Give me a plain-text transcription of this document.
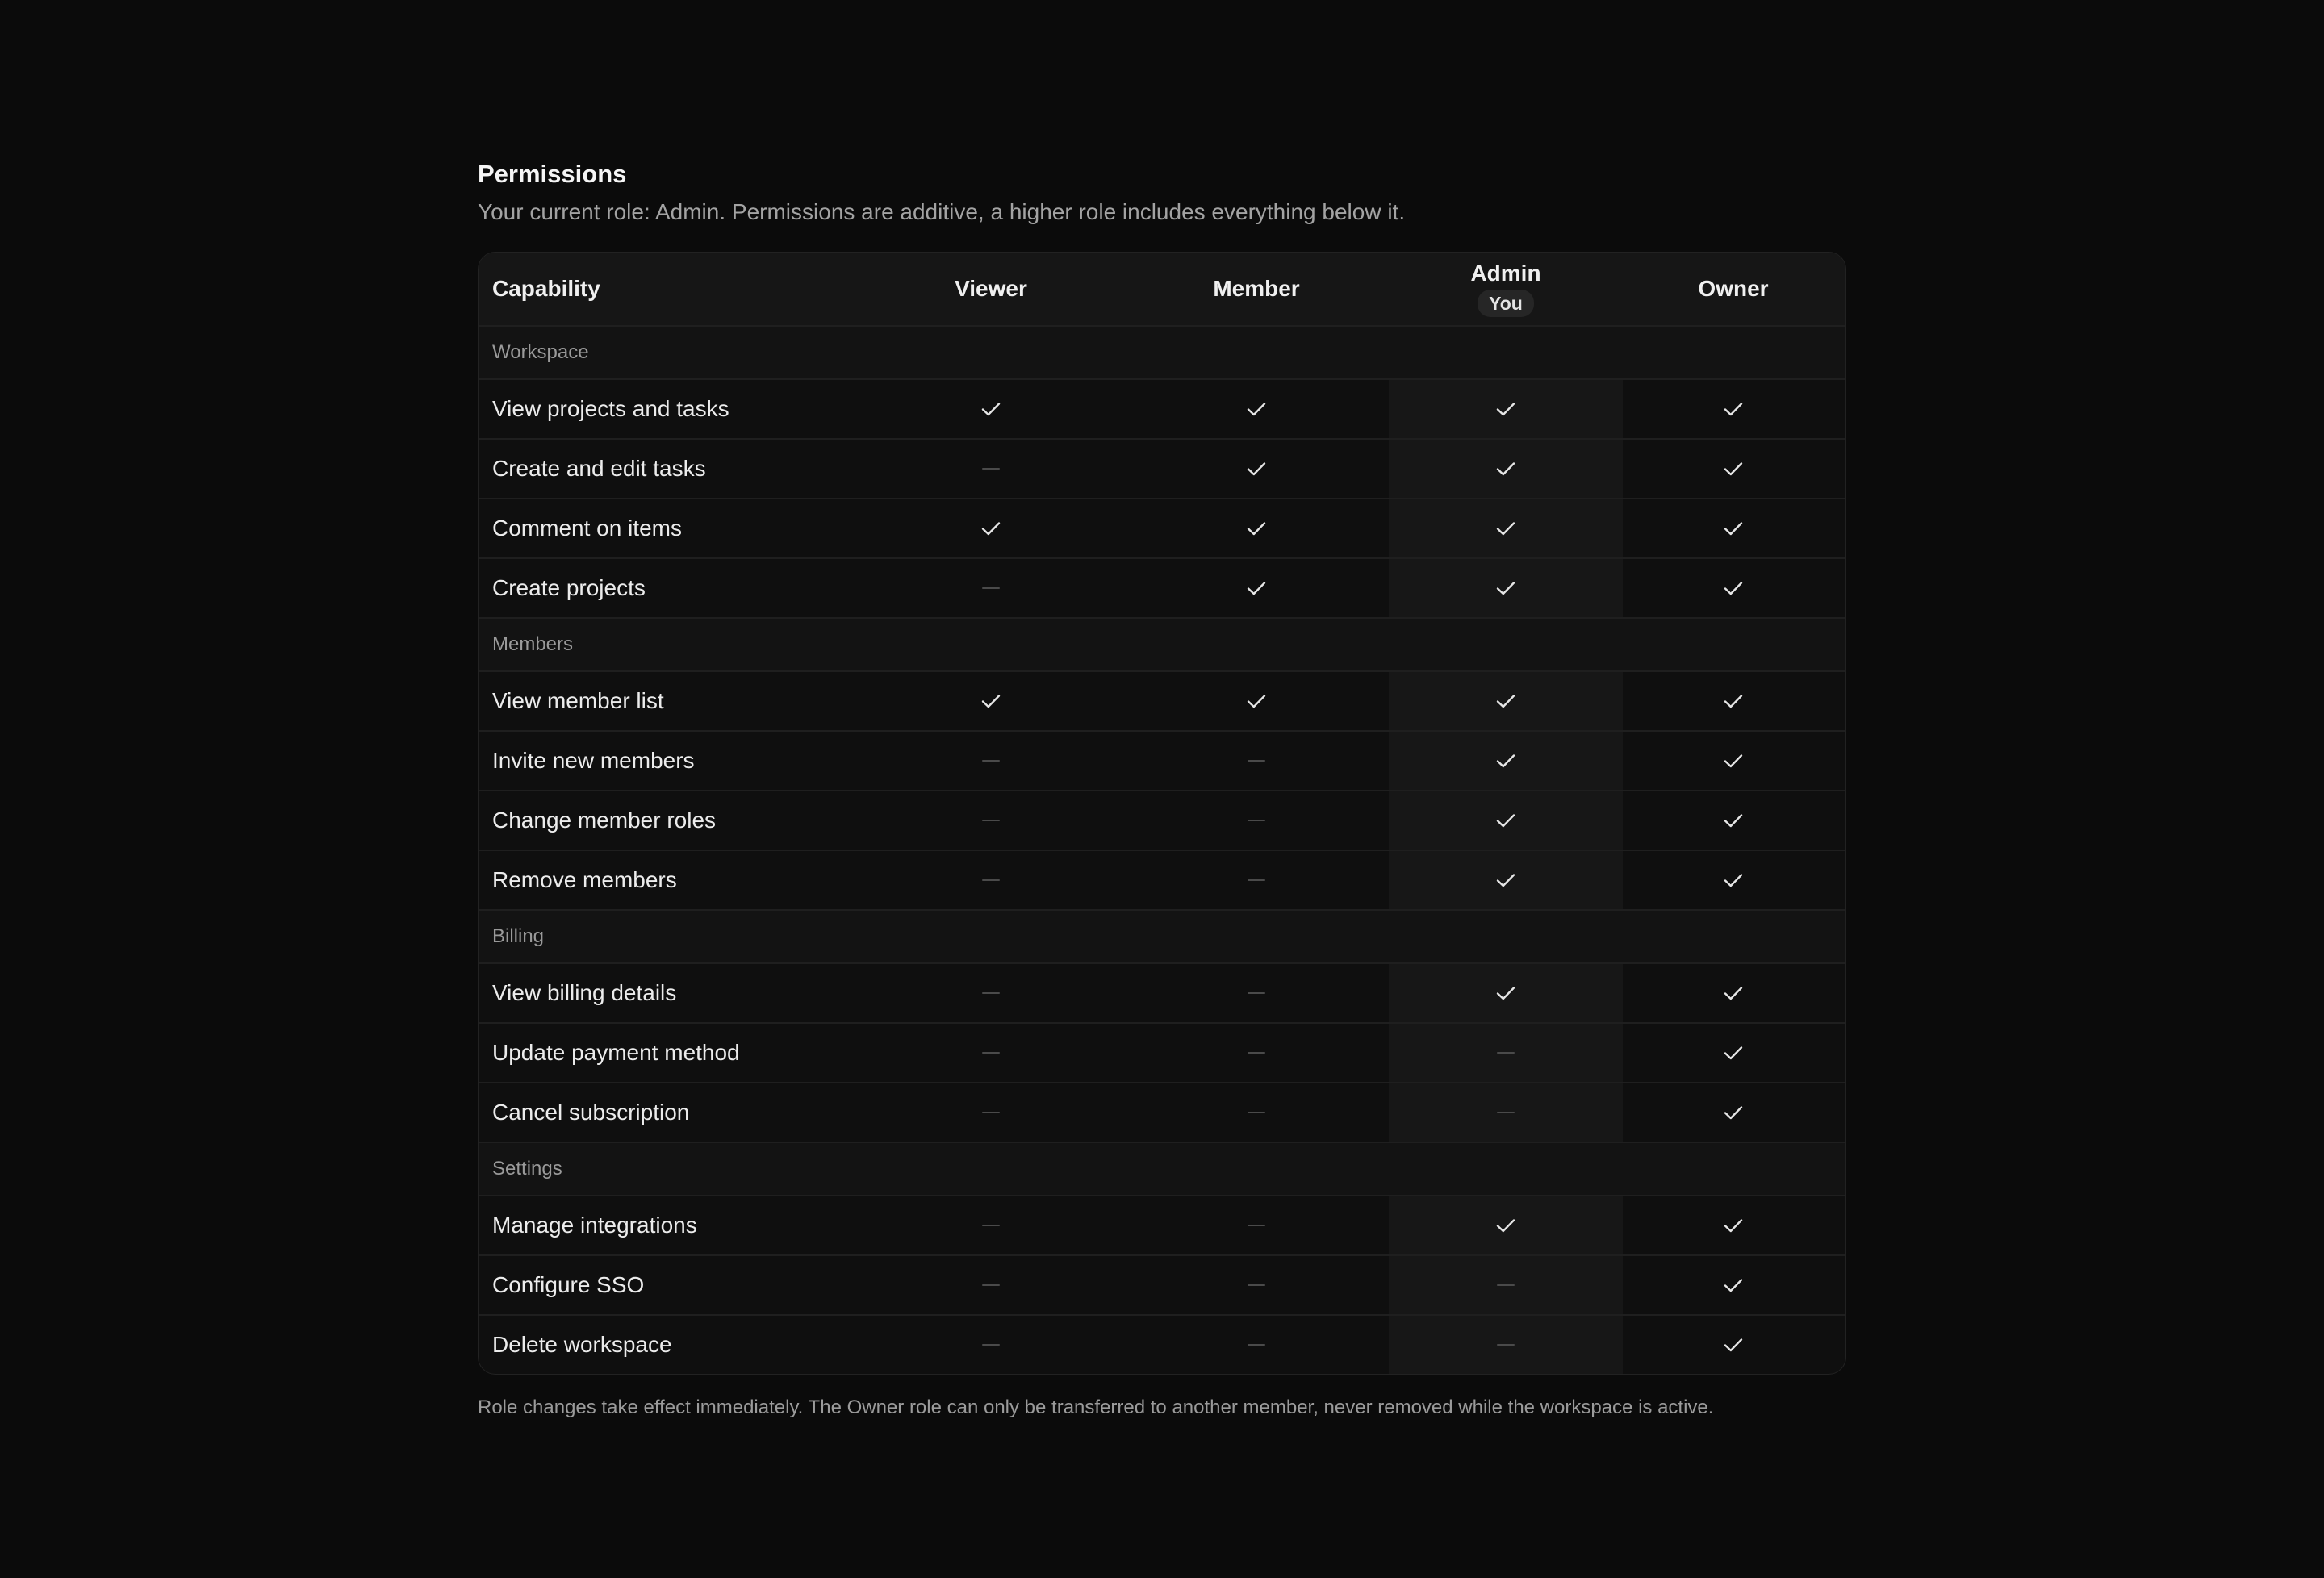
Permissions
Your current role: Admin. Permissions are additive, a higher role includes everything below it.
Capability	Viewer	Member
Admin
You
Owner
Workspace
View projects and tasks
Create and edit tasks
Comment on items
Create projects
Members
View member list
Invite new members
Change member roles
Remove members
Billing
View billing details
Update payment method
Cancel subscription
Settings
Manage integrations
Configure SSO
Delete workspace
Role changes take effect immediately. The Owner role can only be transferred to another member, never removed while the workspace is active.
